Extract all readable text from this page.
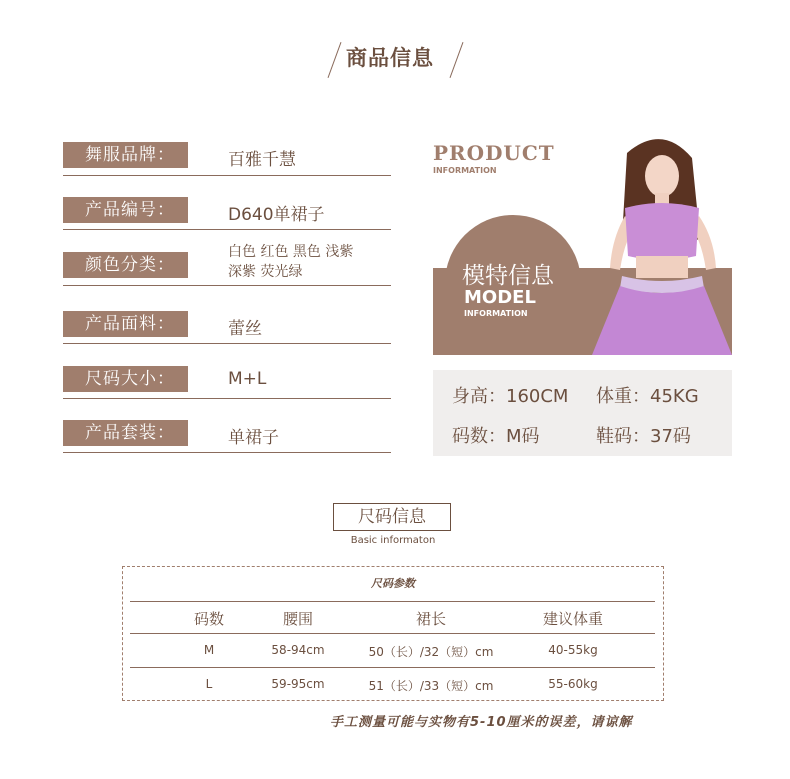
商品信息
舞服品牌：	百雅千慧
产品编号：	D640单裙子
颜色分类：
白色 红色 黑色 浅紫
深紫 荧光绿
产品面料：	蕾丝
尺码大小：	M+L
产品套装：	单裙子
PRODUCT
INFORMATION
模特信息
MODEL
INFORMATION
身高：160CM 体重：45KG
码数：M码	鞋码：37码
尺码信息
Basic informaton
尺码参数
码数	腰围	裙长	建议体重
M	58-94cm	50（长）/32（短）cm	40-55kg
L	59-95cm	51（长）/33（短）cm	55-60kg
手工测量可能与实物有5-10厘米的误差，请谅解
